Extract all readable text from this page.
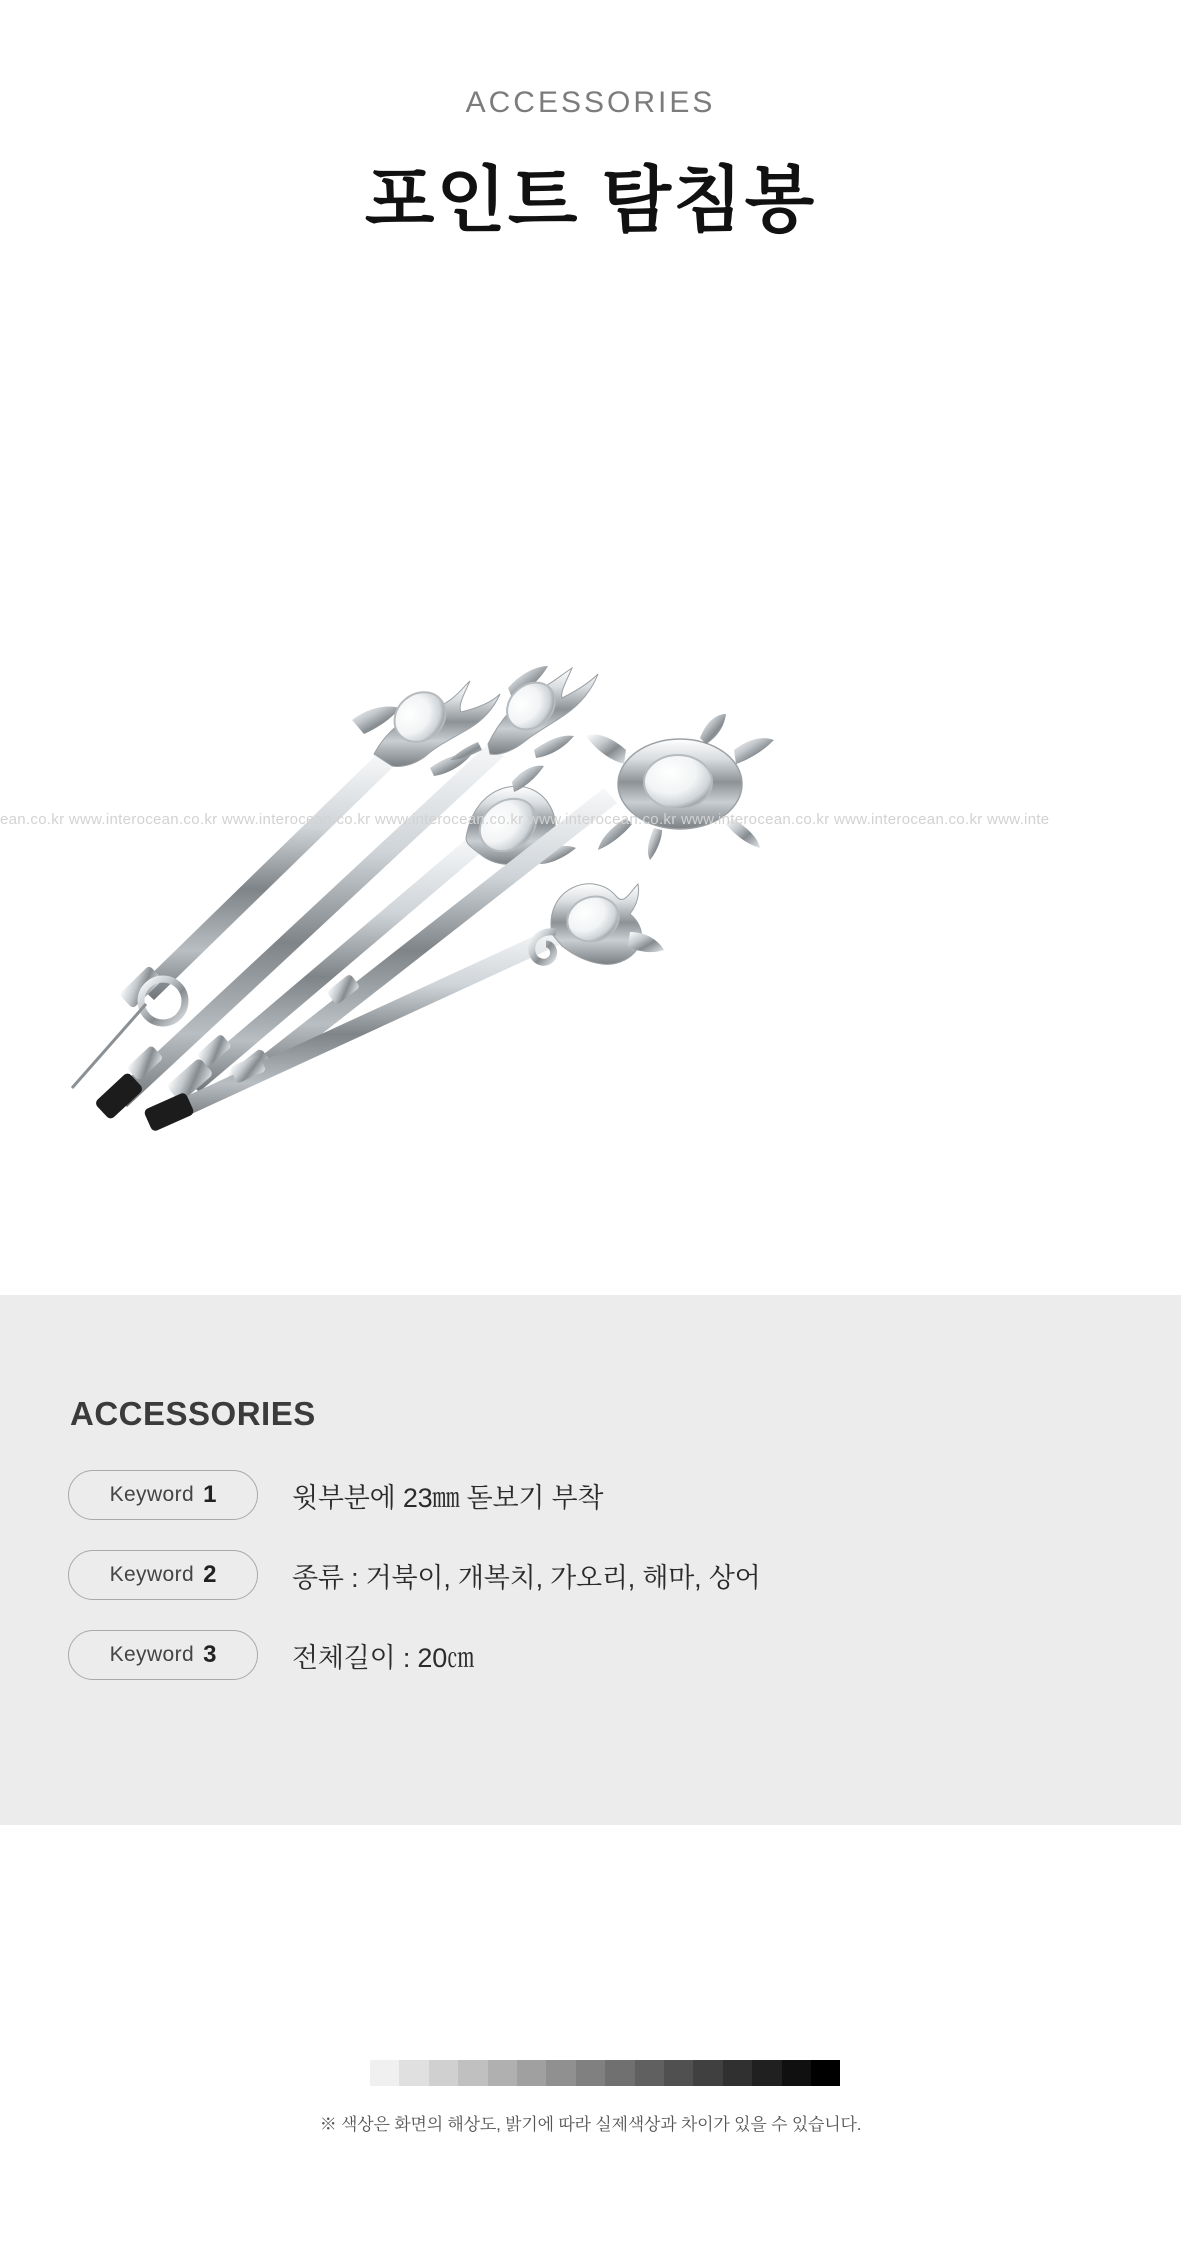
ACCESSORIES
포인트 탐침봉
ean.co.kr www.interocean.co.kr www.interocean.co.kr www.interocean.co.kr www.interocean.co.kr www.interocean.co.kr www.interocean.co.kr www.inte
ACCESSORIES
Keyword 1	윗부분에 23㎜ 돋보기 부착
Keyword 2	종류 : 거북이, 개복치, 가오리, 해마, 상어
Keyword 3	전체길이 : 20㎝
※ 색상은 화면의 해상도, 밝기에 따라 실제색상과 차이가 있을 수 있습니다.
